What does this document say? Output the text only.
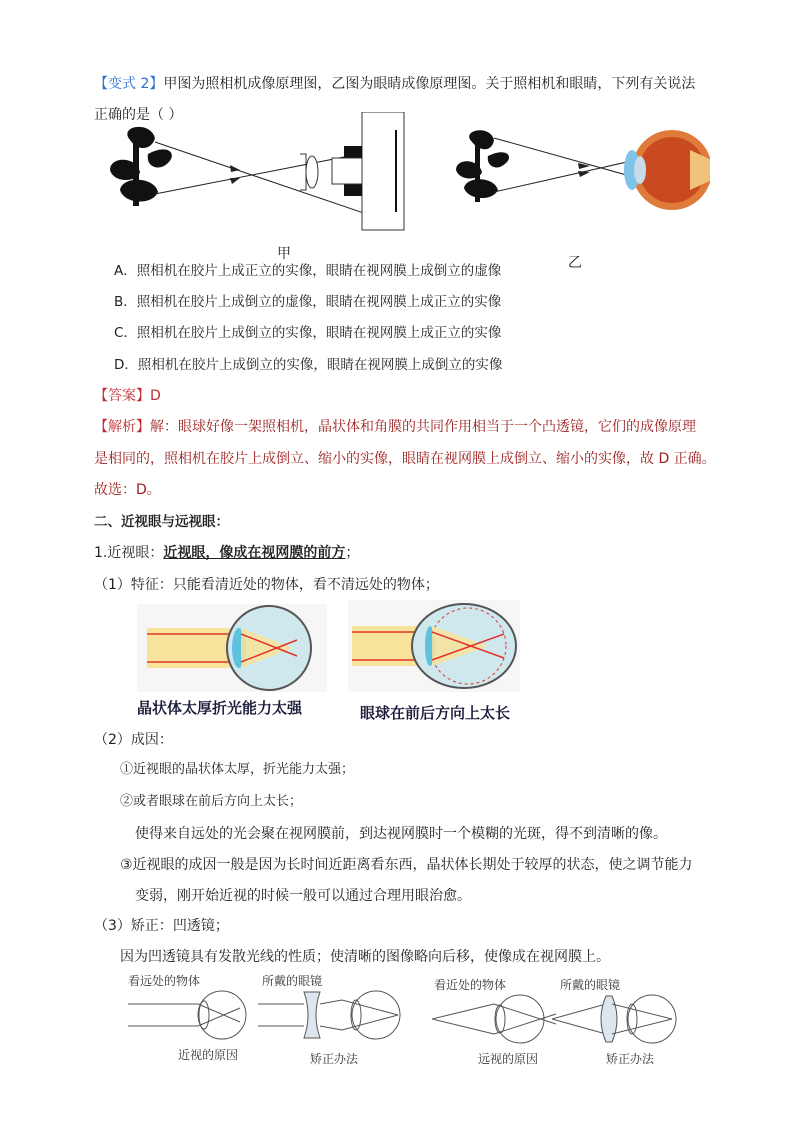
【变式 2】甲图为照相机成像原理图，乙图为眼睛成像原理图。关于照相机和眼睛，下列有关说法
正确的是（ ）
甲
乙
A．照相机在胶片上成正立的实像，眼睛在视网膜上成倒立的虚像
B．照相机在胶片上成倒立的虚像，眼睛在视网膜上成正立的实像
C．照相机在胶片上成倒立的实像，眼睛在视网膜上成正立的实像
D．照相机在胶片上成倒立的实像，眼睛在视网膜上成倒立的实像
【答案】D
【解析】解：眼球好像一架照相机，晶状体和角膜的共同作用相当于一个凸透镜，它们的成像原理
是相同的，照相机在胶片上成倒立、缩小的实像，眼睛在视网膜上成倒立、缩小的实像，故 D 正确。
故选：D。
二、近视眼与远视眼：
1.近视眼：近视眼，像成在视网膜的前方；
（1）特征：只能看清近处的物体，看不清远处的物体；
晶状体太厚折光能力太强	眼球在前后方向上太长
（2）成因：
①近视眼的晶状体太厚，折光能力太强；
②或者眼球在前后方向上太长；
使得来自远处的光会聚在视网膜前，到达视网膜时一个模糊的光斑，得不到清晰的像。
③近视眼的成因一般是因为长时间近距离看东西，晶状体长期处于较厚的状态，使之调节能力
变弱，刚开始近视的时候一般可以通过合理用眼治愈。
（3）矫正：凹透镜；
因为凹透镜具有发散光线的性质；使清晰的图像略向后移，使像成在视网膜上。
看远处的物体	所戴的眼镜
近视的原因	矫正办法
看近处的物体	所戴的眼镜
远视的原因	矫正办法
